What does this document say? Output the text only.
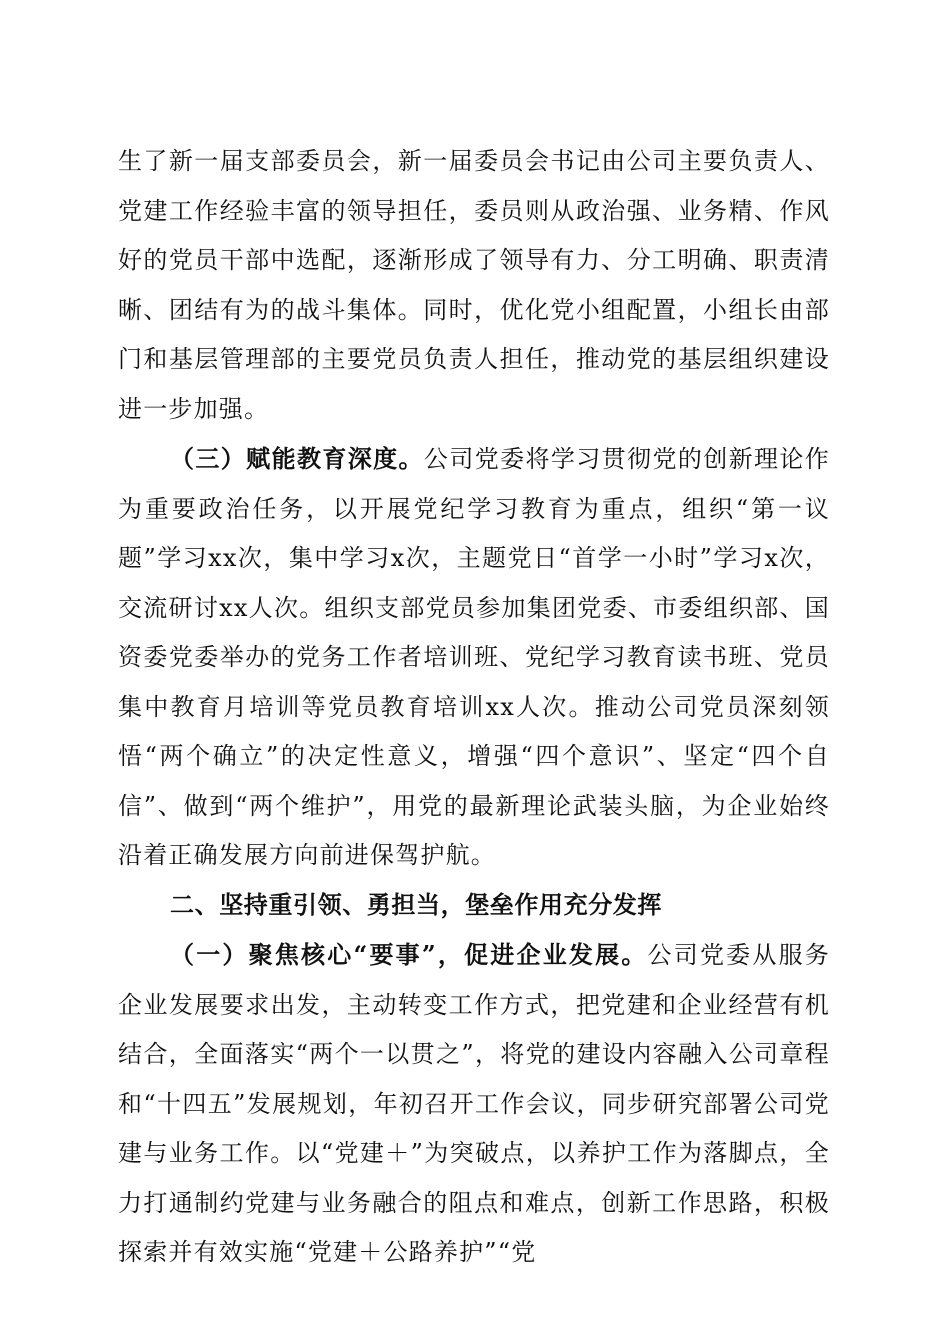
生了新一届支部委员会，新一届委员会书记由公司主要负责人、党建工作经验丰富的领导担任，委员则从政治强、业务精、作风好的党员干部中选配，逐渐形成了领导有力、分工明确、职责清晰、团结有为的战斗集体。同时，优化党小组配置，小组长由部门和基层管理部的主要党员负责人担任，推动党的基层组织建设进一步加强。

（三）赋能教育深度。公司党委将学习贯彻党的创新理论作为重要政治任务，以开展党纪学习教育为重点，组织“第一议题”学习xx次，集中学习x次，主题党日“首学一小时”学习x次，交流研讨xx人次。组织支部党员参加集团党委、市委组织部、国资委党委举办的党务工作者培训班、党纪学习教育读书班、党员集中教育月培训等党员教育培训xx人次。推动公司党员深刻领悟“两个确立”的决定性意义，增强“四个意识”、坚定“四个自信”、做到“两个维护”，用党的最新理论武装头脑，为企业始终沿着正确发展方向前进保驾护航。

二、坚持重引领、勇担当，堡垒作用充分发挥

（一）聚焦核心“要事”，促进企业发展。公司党委从服务企业发展要求出发，主动转变工作方式，把党建和企业经营有机结合，全面落实“两个一以贯之”，将党的建设内容融入公司章程和“十四五”发展规划，年初召开工作会议，同步研究部署公司党建与业务工作。以“党建＋”为突破点，以养护工作为落脚点，全力打通制约党建与业务融合的阻点和难点，创新工作思路，积极探索并有效实施“党建＋公路养护”“党
